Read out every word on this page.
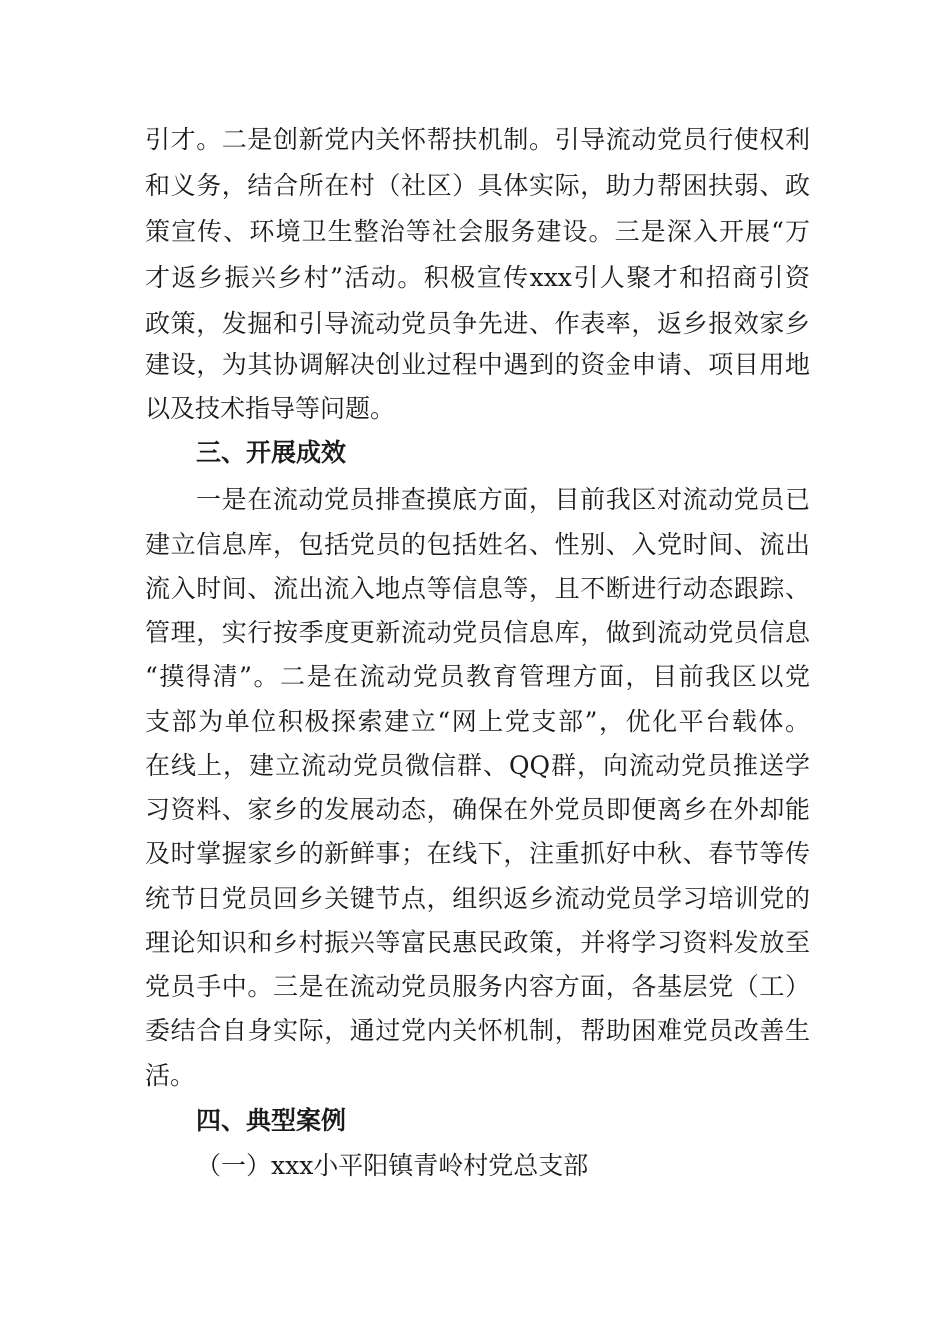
引才。二是创新党内关怀帮扶机制。引导流动党员行使权利
和义务，结合所在村（社区）具体实际，助力帮困扶弱、政
策宣传、环境卫生整治等社会服务建设。三是深入开展“万
才返乡振兴乡村”活动。积极宣传xxx引人聚才和招商引资
政策，发掘和引导流动党员争先进、作表率，返乡报效家乡
建设，为其协调解决创业过程中遇到的资金申请、项目用地
以及技术指导等问题。
三、开展成效
一是在流动党员排查摸底方面，目前我区对流动党员已
建立信息库，包括党员的包括姓名、性别、入党时间、流出
流入时间、流出流入地点等信息等，且不断进行动态跟踪、
管理，实行按季度更新流动党员信息库，做到流动党员信息
“摸得清”。二是在流动党员教育管理方面，目前我区以党
支部为单位积极探索建立“网上党支部”，优化平台载体。
在线上，建立流动党员微信群、QQ群，向流动党员推送学
习资料、家乡的发展动态，确保在外党员即便离乡在外却能
及时掌握家乡的新鲜事；在线下，注重抓好中秋、春节等传
统节日党员回乡关键节点，组织返乡流动党员学习培训党的
理论知识和乡村振兴等富民惠民政策，并将学习资料发放至
党员手中。三是在流动党员服务内容方面，各基层党（工）
委结合自身实际，通过党内关怀机制，帮助困难党员改善生
活。
四、典型案例
（一）xxx小平阳镇青岭村党总支部
